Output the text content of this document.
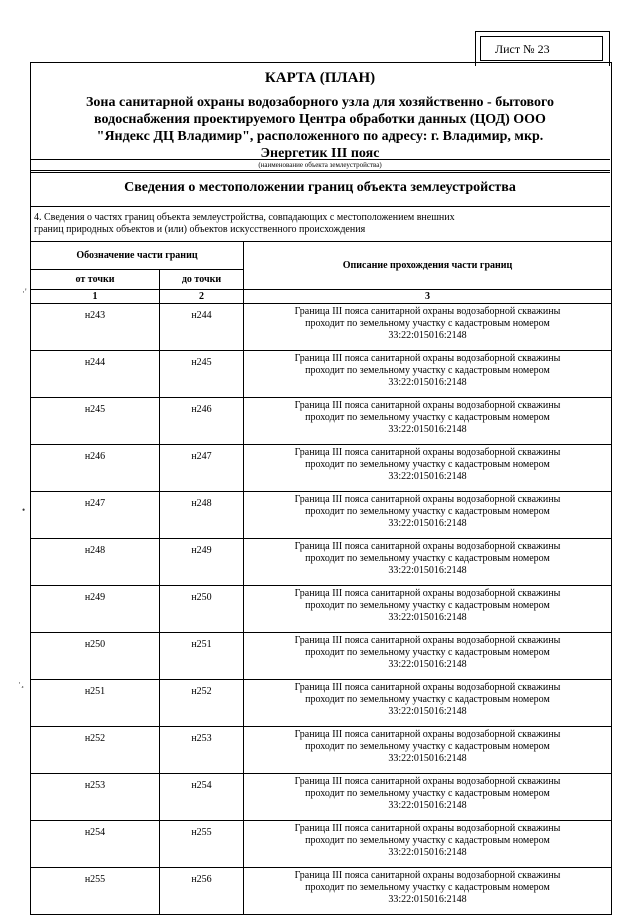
Лист № 23
КАРТА (ПЛАН)
Зона санитарной охраны водозаборного узла для хозяйственно - бытового
водоснабжения проектируемого Центра обработки данных (ЦОД) ООО
"Яндекс ДЦ Владимир", расположенного по адресу: г. Владимир, мкр.
Энергетик III пояс
(наименование объекта землеустройства)
Сведения о местоположении границ объекта землеустройства
4. Сведения о частях границ объекта землеустройства, совпадающих с местоположением внешних
границ природных объектов и (или) объектов искусственного происхождения
Обозначение части границ		Описание прохождения части границ
от точки	до точки	
1	2	3
н243	н244	Граница III пояса санитарной охраны водозаборной скважины
проходит по земельному участку с кадастровым номером
33:22:015016:2148

н244	н245	Граница III пояса санитарной охраны водозаборной скважины
проходит по земельному участку с кадастровым номером
33:22:015016:2148

н245	н246	Граница III пояса санитарной охраны водозаборной скважины
проходит по земельному участку с кадастровым номером
33:22:015016:2148

н246	н247	Граница III пояса санитарной охраны водозаборной скважины
проходит по земельному участку с кадастровым номером
33:22:015016:2148

н247	н248	Граница III пояса санитарной охраны водозаборной скважины
проходит по земельному участку с кадастровым номером
33:22:015016:2148

н248	н249	Граница III пояса санитарной охраны водозаборной скважины
проходит по земельному участку с кадастровым номером
33:22:015016:2148

н249	н250	Граница III пояса санитарной охраны водозаборной скважины
проходит по земельному участку с кадастровым номером
33:22:015016:2148

н250	н251	Граница III пояса санитарной охраны водозаборной скважины
проходит по земельному участку с кадастровым номером
33:22:015016:2148

н251	н252	Граница III пояса санитарной охраны водозаборной скважины
проходит по земельному участку с кадастровым номером
33:22:015016:2148

н252	н253	Граница III пояса санитарной охраны водозаборной скважины
проходит по земельному участку с кадастровым номером
33:22:015016:2148

н253	н254	Граница III пояса санитарной охраны водозаборной скважины
проходит по земельному участку с кадастровым номером
33:22:015016:2148

н254	н255	Граница III пояса санитарной охраны водозаборной скважины
проходит по земельному участку с кадастровым номером
33:22:015016:2148

н255	н256	Граница III пояса санитарной охраны водозаборной скважины
проходит по земельному участку с кадастровым номером
33:22:015016:2148
·'
•
·¸
